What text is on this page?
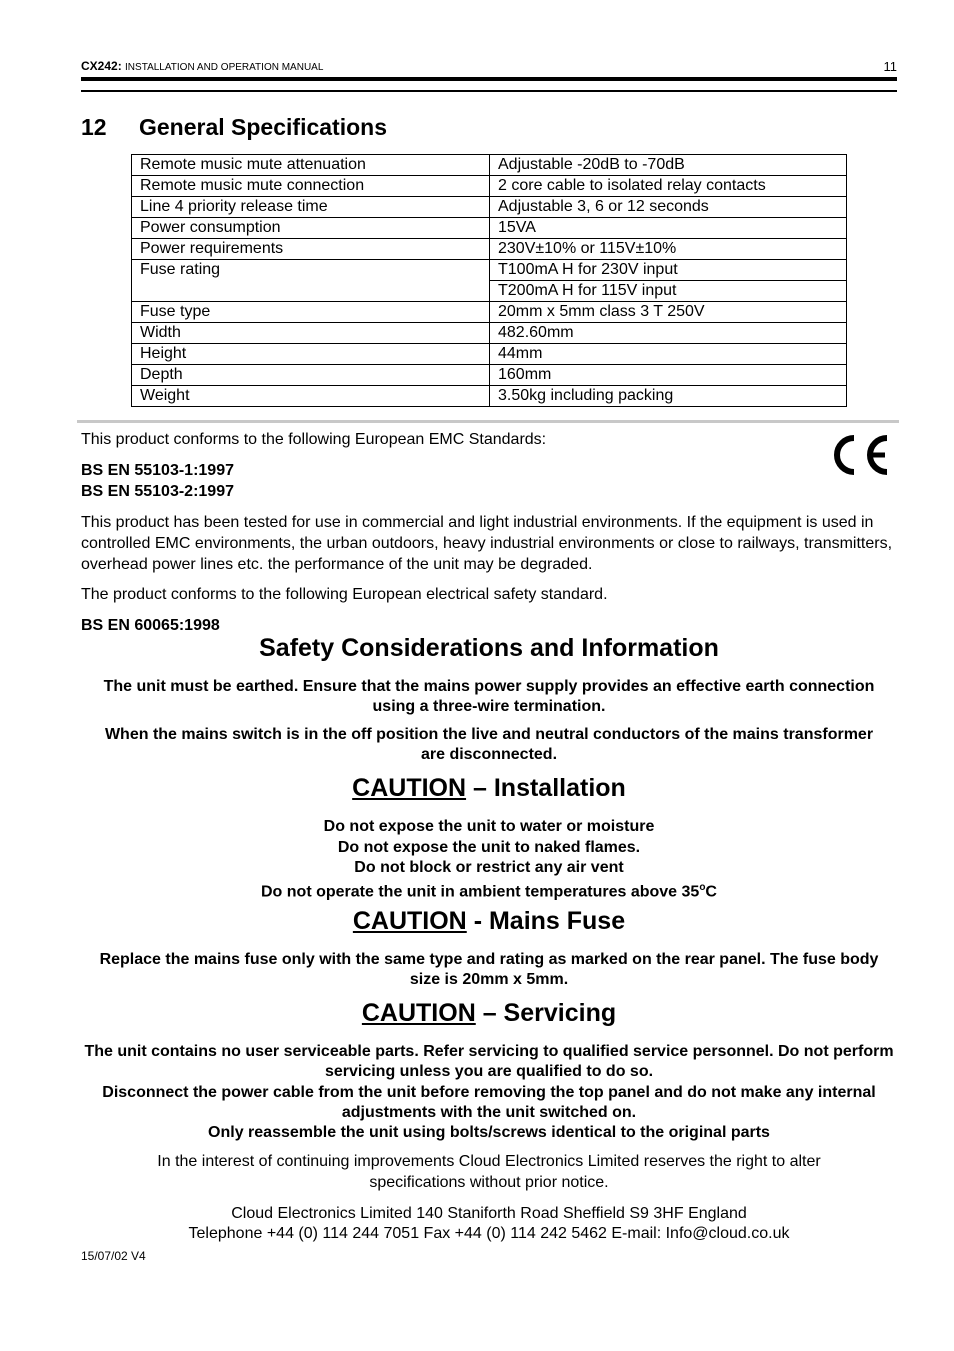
CX242: INSTALLATION AND OPERATION MANUAL	11
12 General Specifications
Remote music mute attenuation	Adjustable -20dB to -70dB
Remote music mute connection	2 core cable to isolated relay contacts
Line 4 priority release time	Adjustable 3, 6 or 12 seconds
Power consumption	15VA
Power requirements	230V±10% or 115V±10%
Fuse rating	T100mA H for 230V input
	T200mA H for 115V input
Fuse type	20mm x 5mm class 3 T 250V
Width	482.60mm
Height	44mm
Depth	160mm
Weight	3.50kg including packing
This product conforms to the following European EMC Standards:
BS EN 55103-1:1997
BS EN 55103-2:1997
This product has been tested for use in commercial and light industrial environments. If the equipment is used in controlled EMC environments, the urban outdoors, heavy industrial environments or close to railways, transmitters, overhead power lines etc. the performance of the unit may be degraded.
The product conforms to the following European electrical safety standard.
BS EN 60065:1998
Safety Considerations and Information
The unit must be earthed. Ensure that the mains power supply provides an effective earth connection using a three-wire termination.
When the mains switch is in the off position the live and neutral conductors of the mains transformer are disconnected.
CAUTION – Installation
Do not expose the unit to water or moisture
Do not expose the unit to naked flames.
Do not block or restrict any air vent
Do not operate the unit in ambient temperatures above 35$^o$C
CAUTION - Mains Fuse
Replace the mains fuse only with the same type and rating as marked on the rear panel. The fuse body size is 20mm x 5mm.
CAUTION – Servicing
The unit contains no user serviceable parts. Refer servicing to qualified service personnel. Do not perform servicing unless you are qualified to do so.
Disconnect the power cable from the unit before removing the top panel and do not make any internal adjustments with the unit switched on.
Only reassemble the unit using bolts/screws identical to the original parts
In the interest of continuing improvements Cloud Electronics Limited reserves the right to alter specifications without prior notice.
Cloud Electronics Limited 140 Staniforth Road Sheffield S9 3HF England
Telephone +44 (0) 114 244 7051 Fax +44 (0) 114 242 5462 E-mail: Info@cloud.co.uk
15/07/02 V4
